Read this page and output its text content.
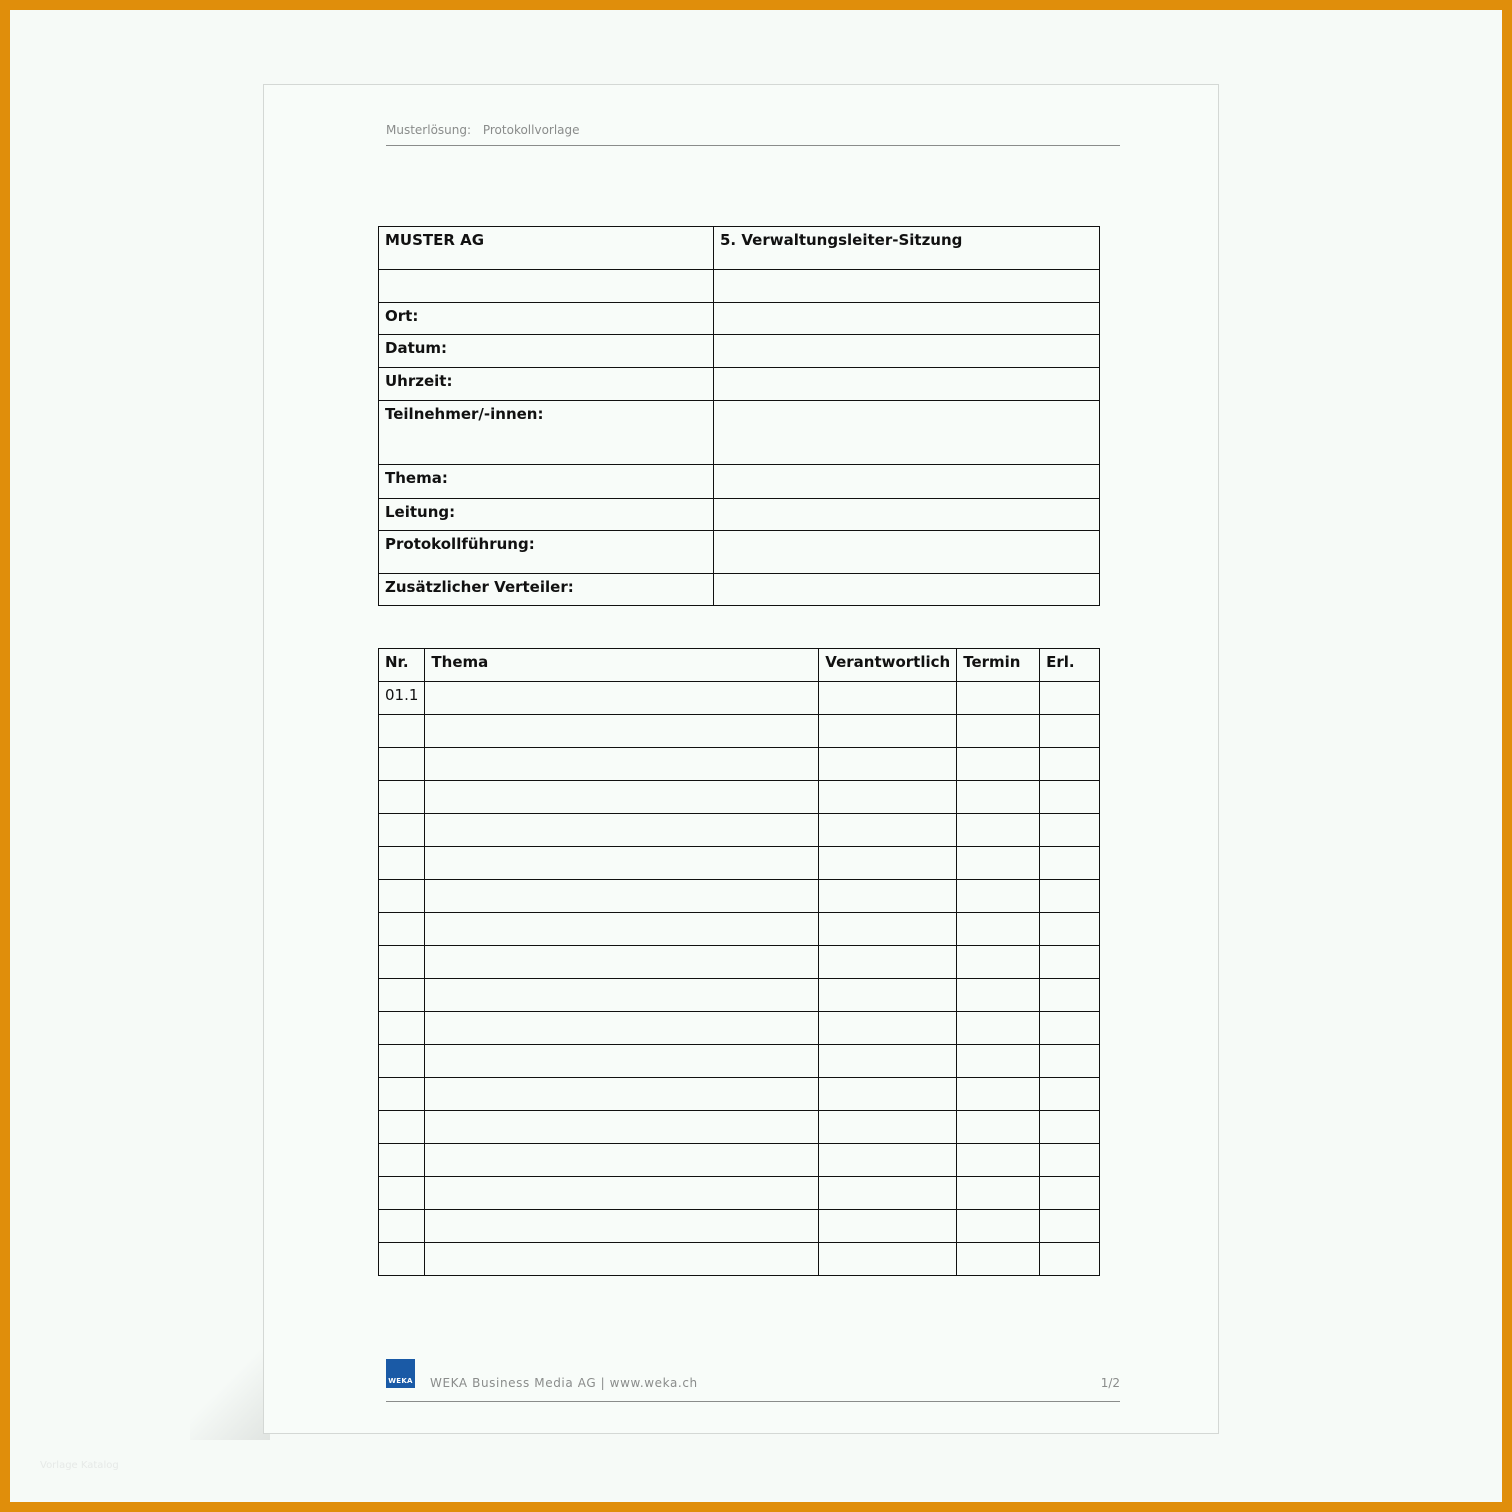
Musterlösung: Protokollvorlage
MUSTER AG	5. Verwaltungsleiter-Sitzung

Ort:	
Datum:	
Uhrzeit:	
Teilnehmer/-innen:	
Thema:	
Leitung:	
Protokollführung:	
Zusätzlicher Verteiler:	
Nr.	Thema	Verantwortlich	Termin	Erl.
01.1				

WEKA WEKA Business Media AG | www.weka.ch	1/2
Vorlage Katalog
